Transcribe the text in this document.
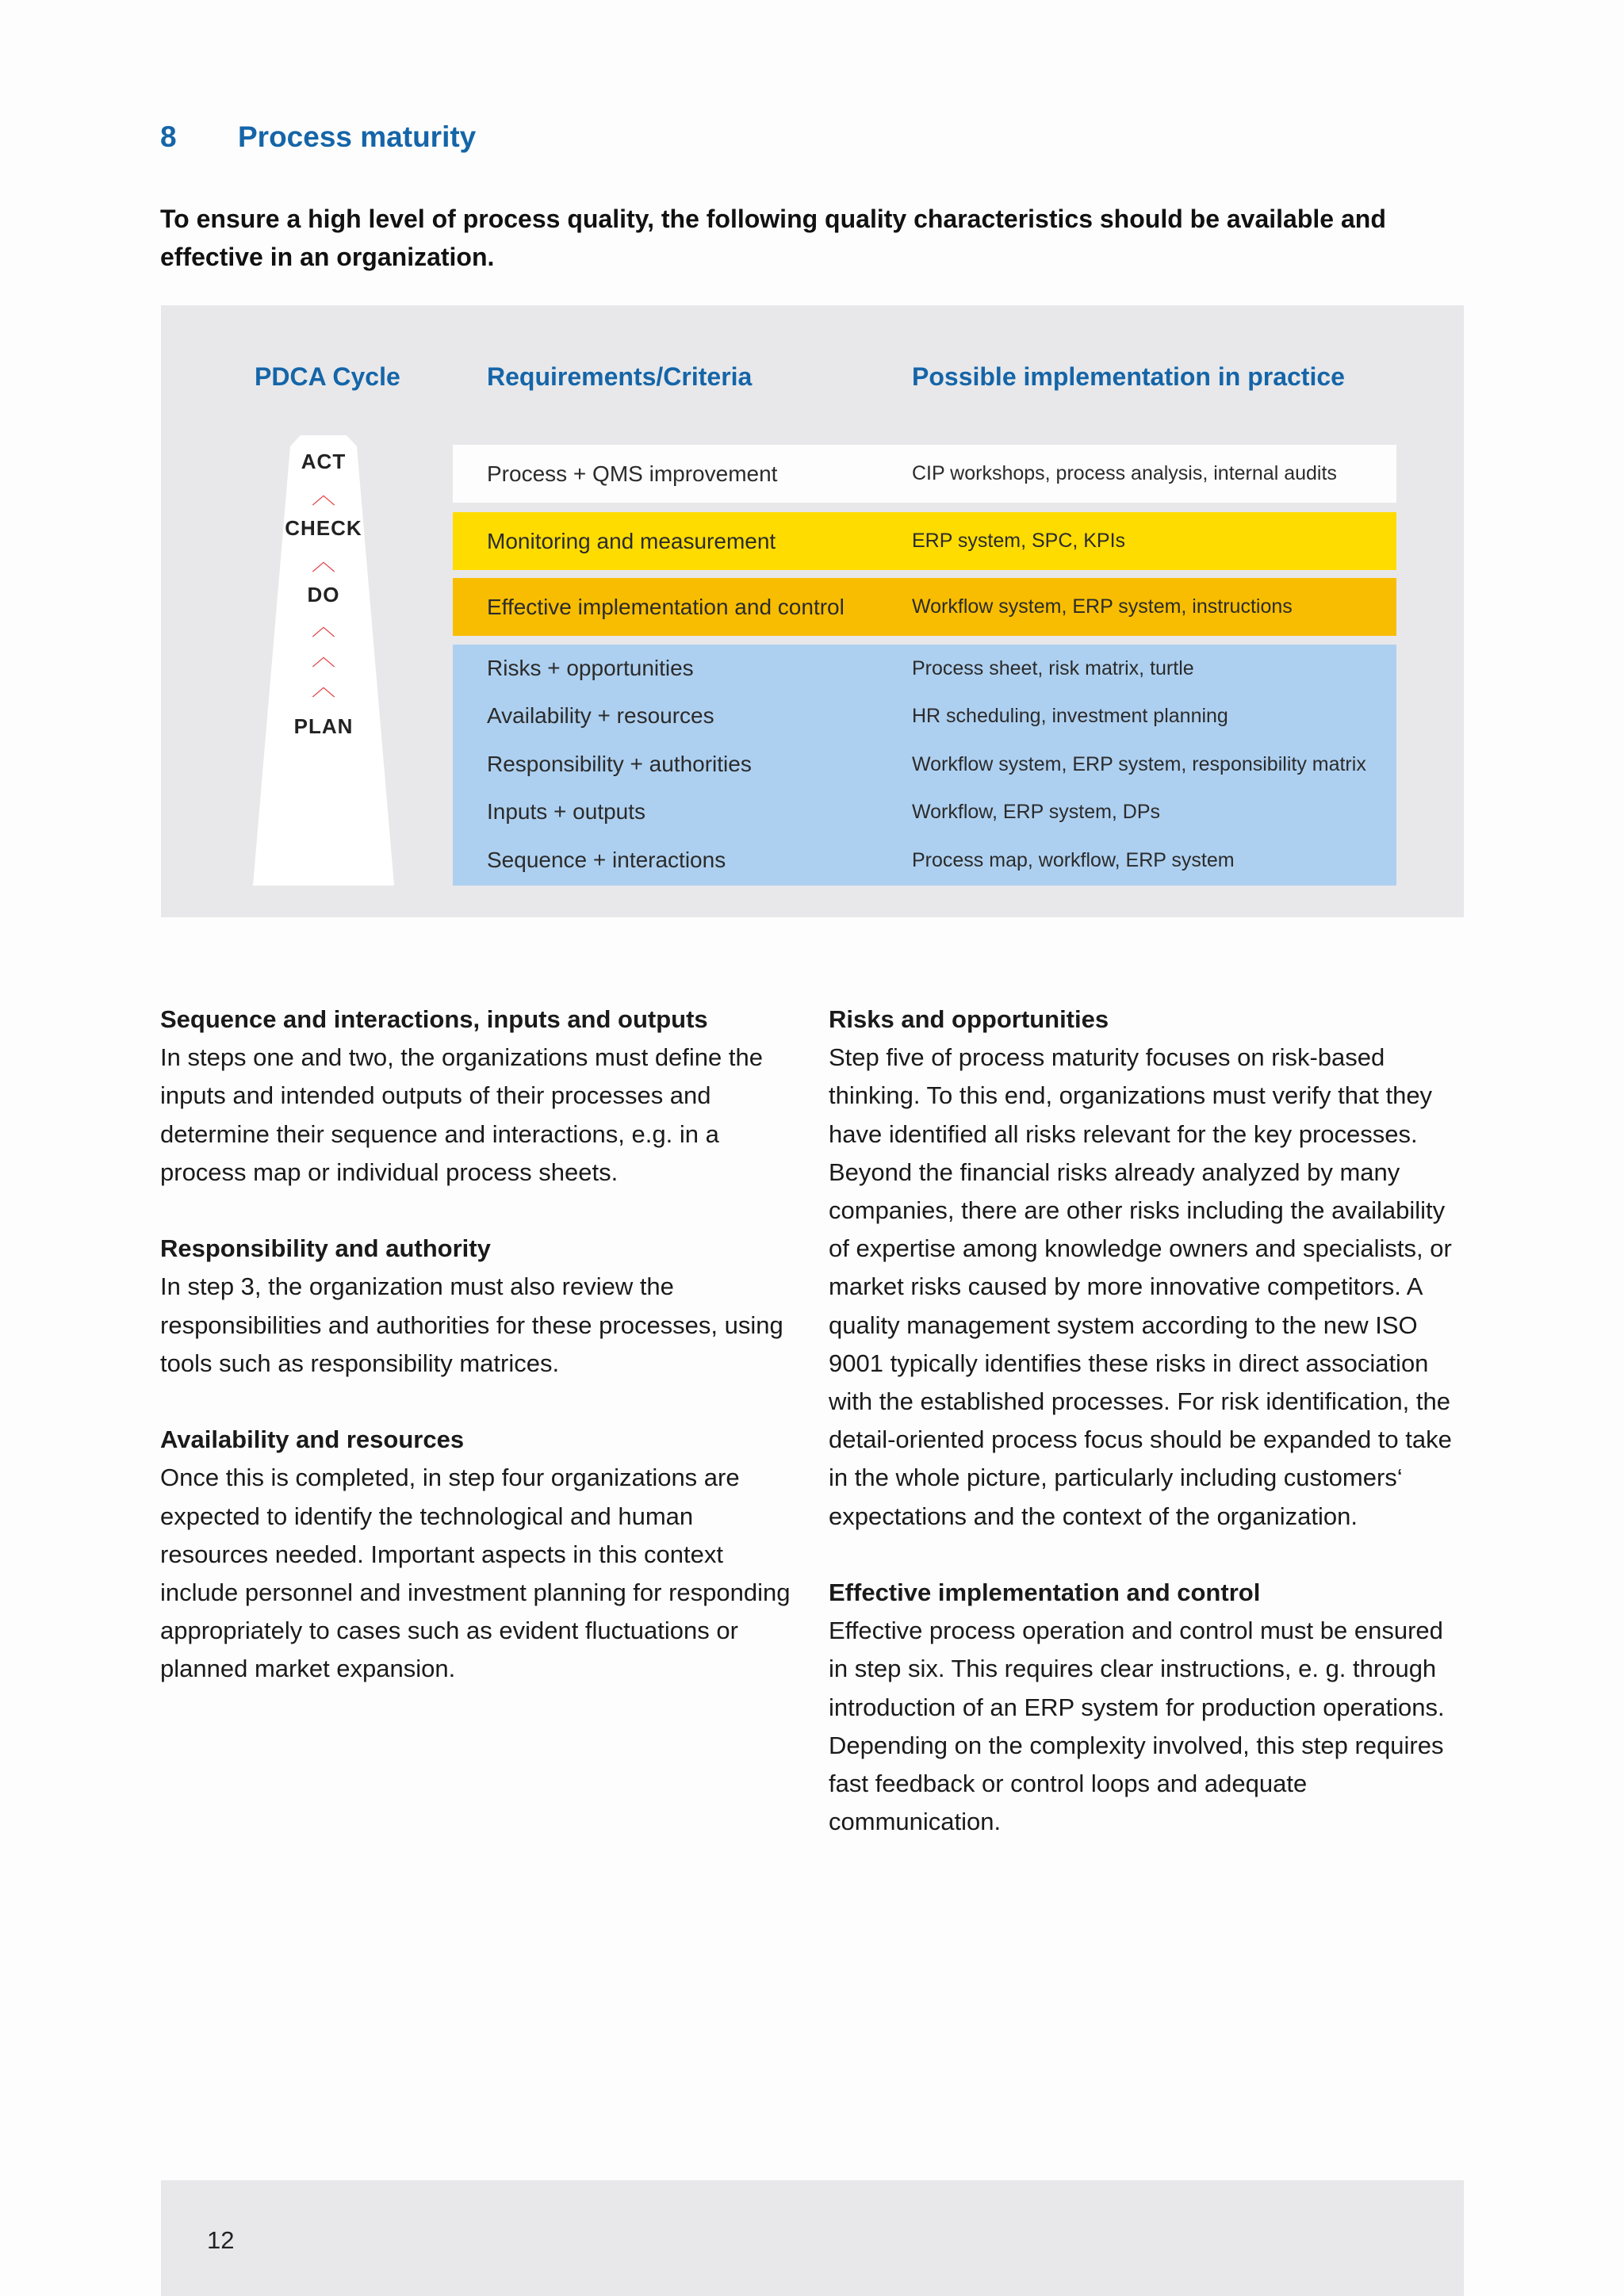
8 Process maturity

To ensure a high level of process quality, the following quality characteristics should be available and effective in an organization.

PDCA Cycle	Requirements/Criteria	Possible implementation in practice
ACT
︿
CHECK
︿
DO
︿
︿
︿
PLAN
Process + QMS improvement	CIP workshops, process analysis, internal audits
Monitoring and measurement	ERP system, SPC, KPIs
Effective implementation and control	Workflow system, ERP system, instructions
Risks + opportunities	Process sheet, risk matrix, turtle
Availability + resources	HR scheduling, investment planning
Responsibility + authorities	Workflow system, ERP system, responsibility matrix
Inputs + outputs	Workflow, ERP system, DPs
Sequence + interactions	Process map, workflow, ERP system

Sequence and interactions, inputs and outputs
In steps one and two, the organizations must define the inputs and intended outputs of their processes and determine their sequence and interactions, e.g. in a process map or individual process sheets.

Responsibility and authority
In step 3, the organization must also review the responsibilities and authorities for these processes, using tools such as responsibility matrices.

Availability and resources
Once this is completed, in step four organizations are expected to identify the technological and human resources needed. Important aspects in this context include personnel and investment planning for responding appropriately to cases such as evident fluctuations or planned market expansion.

Risks and opportunities
Step five of process maturity focuses on risk-based thinking. To this end, organizations must verify that they have identified all risks relevant for the key processes. Beyond the financial risks already analyzed by many companies, there are other risks including the availability of expertise among knowledge owners and specialists, or market risks caused by more innovative competitors. A quality management system according to the new ISO 9001 typically identifies these risks in direct association with the established processes. For risk identification, the detail-oriented process focus should be expanded to take in the whole picture, particularly including customers‘ expectations and the context of the organization.

Effective implementation and control
Effective process operation and control must be ensured in step six. This requires clear instructions, e. g. through introduction of an ERP system for production operations. Depending on the complexity involved, this step requires fast feedback or control loops and adequate communication.

12
